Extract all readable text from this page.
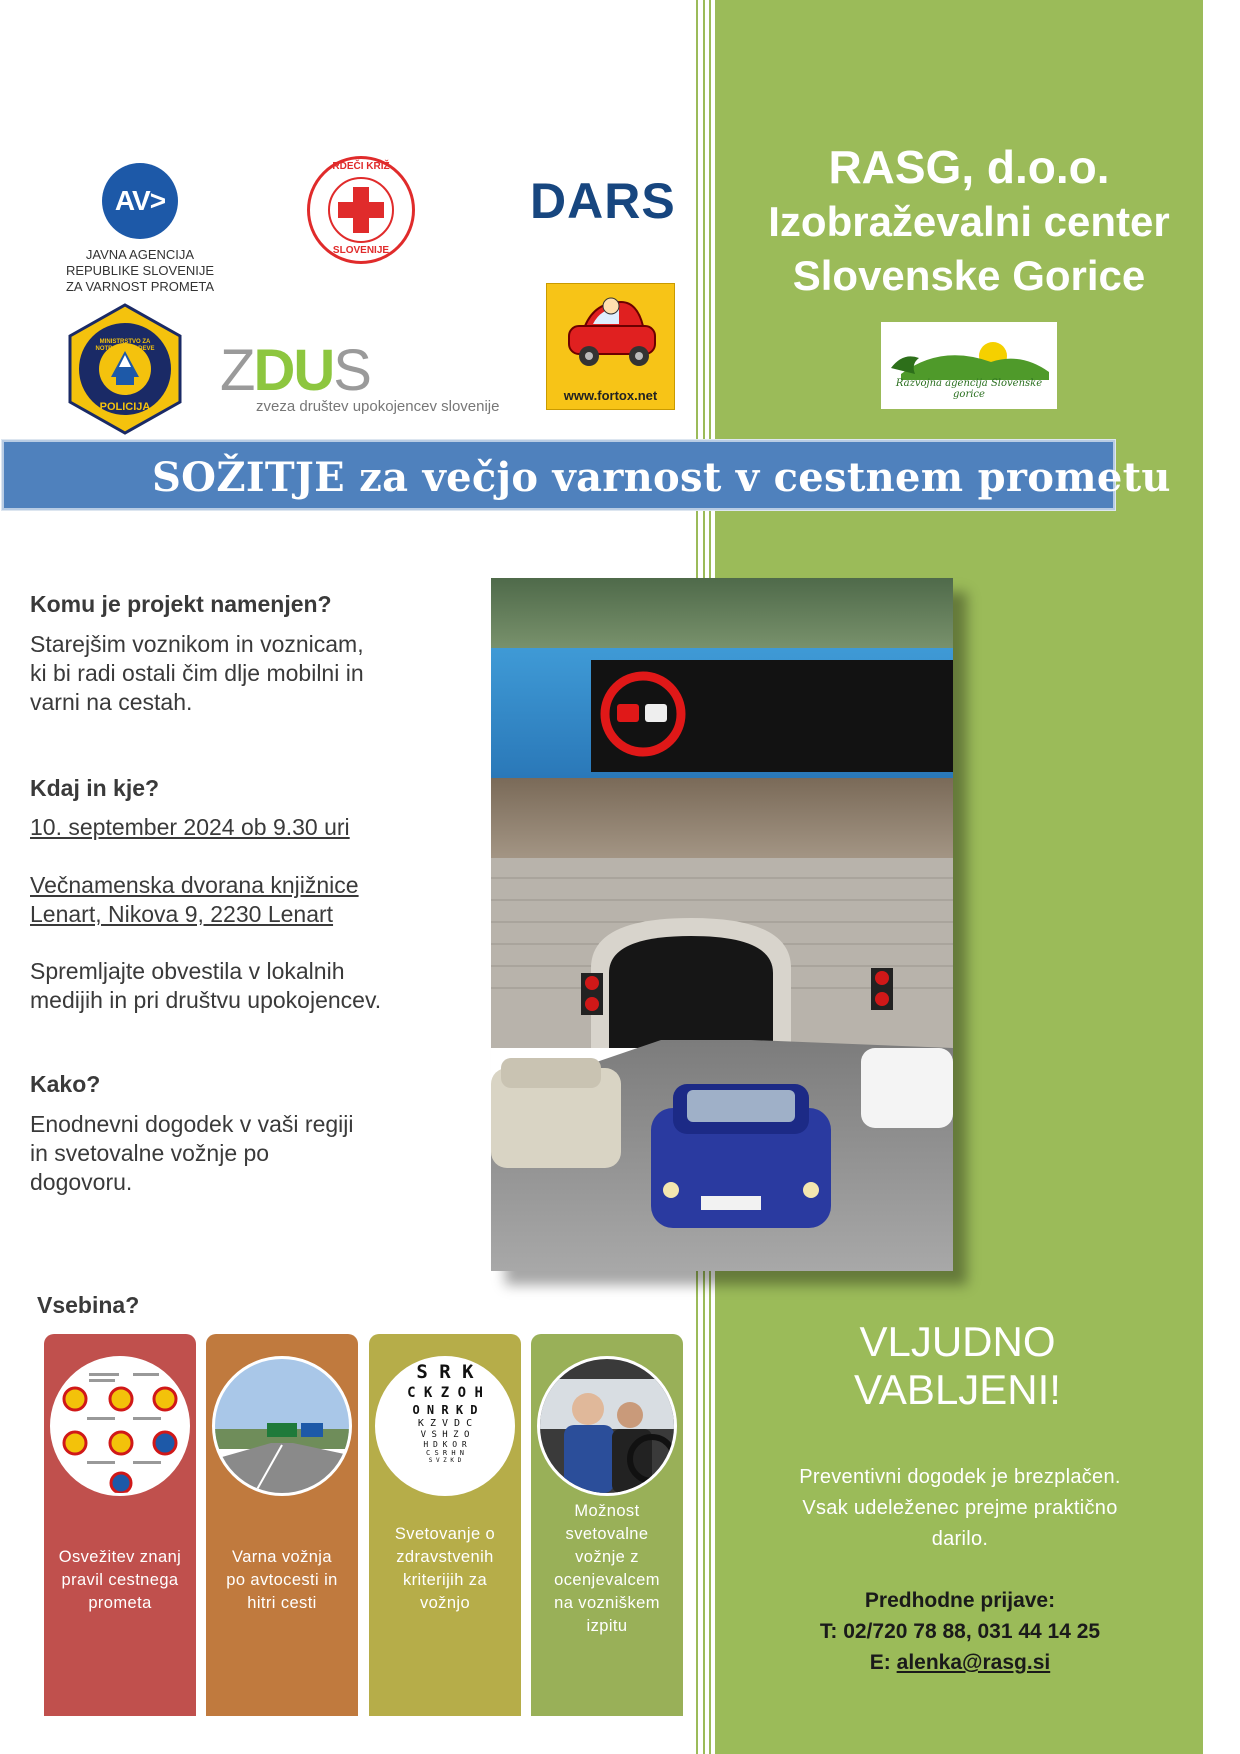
AV>
JAVNA AGENCIJA
REPUBLIKE SLOVENIJE
ZA VARNOST PROMETA
RDEČI KRIŽ
SLOVENIJE
DARS
MINISTRSTVO ZA NOTRANJE ZADEVE
POLICIJA
ZDUS
zveza društev upokojencev slovenije
www.fortox.net
RASG, d.o.o.
Izobraževalni center
Slovenske Gorice
Razvojna agencija Slovenske gorice
SOŽITJE za večjo varnost v cestnem prometu
Komu je projekt namenjen?
Starejšim voznikom in voznicam,
ki bi radi ostali čim dlje mobilni in
varni na cestah.
Kdaj in kje?
10. september 2024 ob 9.30 uri
Večnamenska dvorana knjižnice
Lenart, Nikova 9, 2230 Lenart
Spremljajte obvestila v lokalnih
medijih in pri društvu upokojencev.
Kako?
Enodnevni dogodek v vaši regiji
in svetovalne vožnje po
dogovoru.
Vsebina?
Osvežitev znanj
pravil cestnega
prometa
Varna vožnja
po avtocesti in
hitri cesti
S R K
C K Z O H
O N R K D
K Z V D C
V S H Z O
H D K O R
C S R H N
S V Z K D
Svetovanje o
zdravstvenih
kriterijih za
vožnjo
Možnost
svetovalne
vožnje z
ocenjevalcem
na vozniškem
izpitu
VLJUDNO
VABLJENI!
Preventivni dogodek je brezplačen.
Vsak udeleženec prejme praktično
darilo.
Predhodne prijave:
T: 02/720 78 88, 031 44 14 25
E: alenka@rasg.si
